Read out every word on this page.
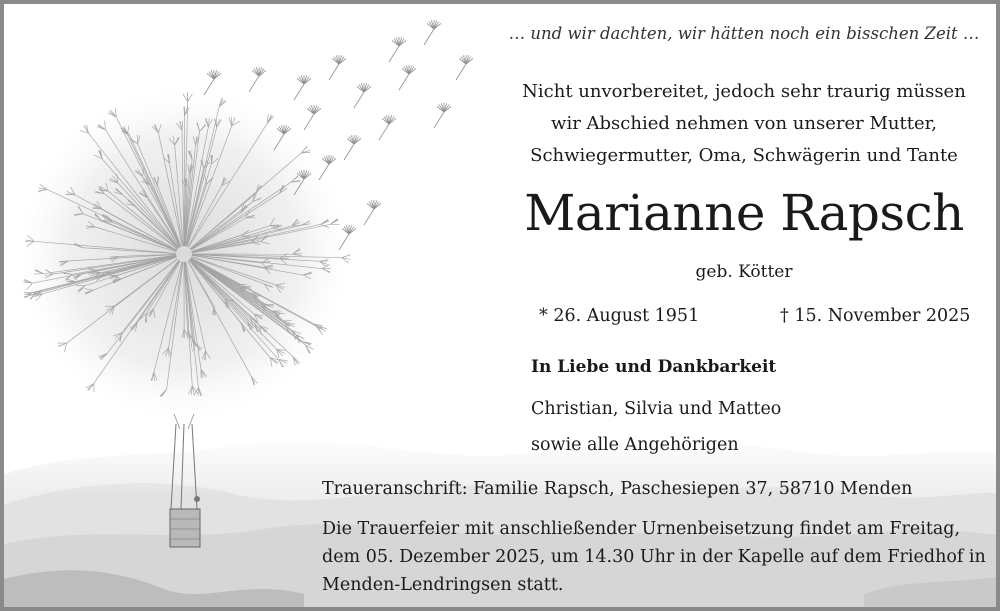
… und wir dachten, wir hätten noch ein bisschen Zeit …
Nicht unvorbereitet, jedoch sehr traurig müssen
wir Abschied nehmen von unserer Mutter,
Schwiegermutter, Oma, Schwägerin und Tante
Marianne Rapsch
geb. Kötter
* 26. August 1951	† 15. November 2025
In Liebe und Dankbarkeit
Christian, Silvia und Matteo
sowie alle Angehörigen
Traueranschrift: Familie Rapsch, Paschesiepen 37, 58710 Menden
Die Trauerfeier mit anschließender Urnenbeisetzung findet am Freitag,
dem 05. Dezember 2025, um 14.30 Uhr in der Kapelle auf dem Friedhof in
Menden-Lendringsen statt.
